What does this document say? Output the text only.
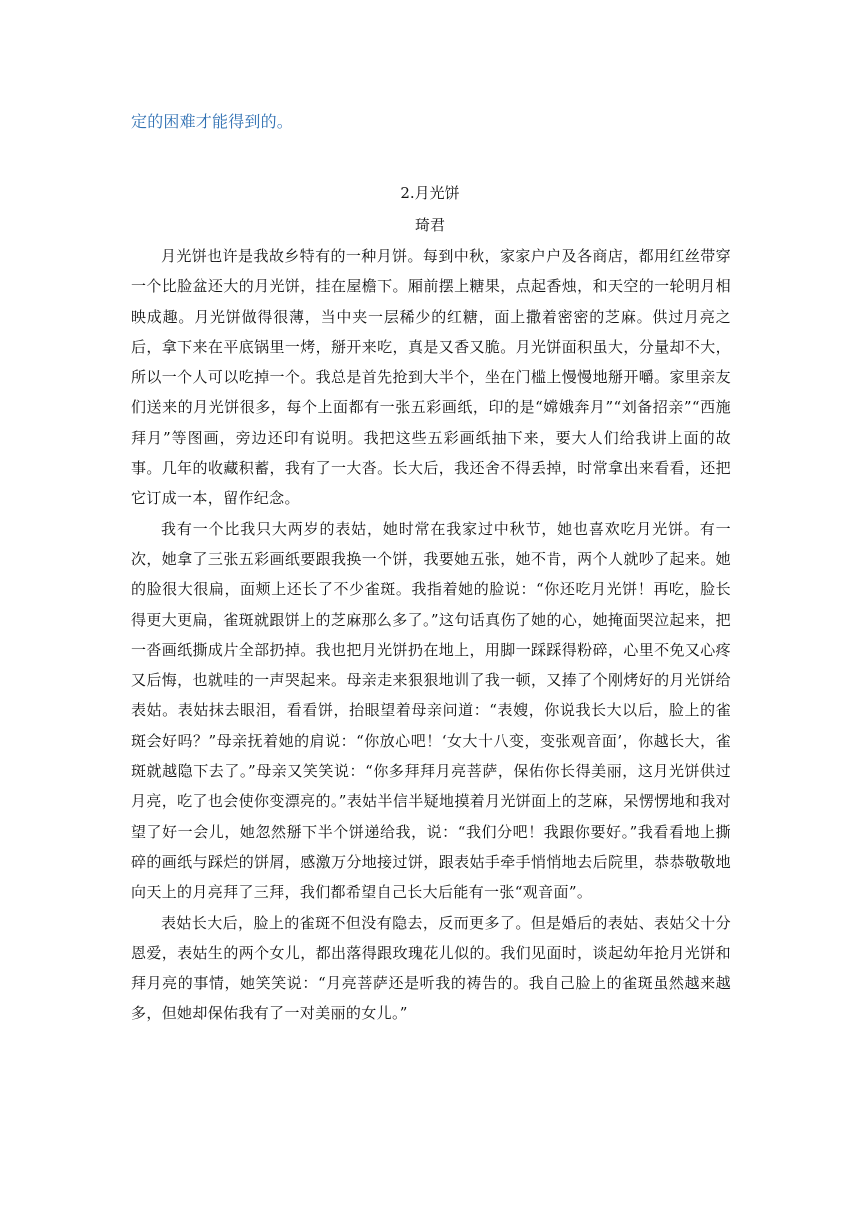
定的困难才能得到的。
2.月光饼
琦君

月光饼也许是我故乡特有的一种月饼。每到中秋，家家户户及各商店，都用红丝带穿一个比脸盆还大的月光饼，挂在屋檐下。厢前摆上糖果，点起香烛，和天空的一轮明月相映成趣。月光饼做得很薄，当中夹一层稀少的红糖，面上撒着密密的芝麻。供过月亮之后，拿下来在平底锅里一烤，掰开来吃，真是又香又脆。月光饼面积虽大，分量却不大，所以一个人可以吃掉一个。我总是首先抢到大半个，坐在门槛上慢慢地掰开嚼。家里亲友们送来的月光饼很多，每个上面都有一张五彩画纸，印的是“嫦娥奔月”“刘备招亲”“西施拜月”等图画，旁边还印有说明。我把这些五彩画纸抽下来，要大人们给我讲上面的故事。几年的收藏积蓄，我有了一大沓。长大后，我还舍不得丢掉，时常拿出来看看，还把它订成一本，留作纪念。

我有一个比我只大两岁的表姑，她时常在我家过中秋节，她也喜欢吃月光饼。有一次，她拿了三张五彩画纸要跟我换一个饼，我要她五张，她不肯，两个人就吵了起来。她的脸很大很扁，面颊上还长了不少雀斑。我指着她的脸说：“你还吃月光饼！再吃，脸长得更大更扁，雀斑就跟饼上的芝麻那么多了。”这句话真伤了她的心，她掩面哭泣起来，把一沓画纸撕成片全部扔掉。我也把月光饼扔在地上，用脚一踩踩得粉碎，心里不免又心疼又后悔，也就哇的一声哭起来。母亲走来狠狠地训了我一顿，又捧了个刚烤好的月光饼给表姑。表姑抹去眼泪，看看饼，抬眼望着母亲问道：“表嫂，你说我长大以后，脸上的雀斑会好吗？”母亲抚着她的肩说：“你放心吧！‘女大十八变，变张观音面’，你越长大，雀斑就越隐下去了。”母亲又笑笑说：“你多拜拜月亮菩萨，保佑你长得美丽，这月光饼供过月亮，吃了也会使你变漂亮的。”表姑半信半疑地摸着月光饼面上的芝麻，呆愣愣地和我对望了好一会儿，她忽然掰下半个饼递给我，说：“我们分吧！我跟你要好。”我看看地上撕碎的画纸与踩烂的饼屑，感激万分地接过饼，跟表姑手牵手悄悄地去后院里，恭恭敬敬地向天上的月亮拜了三拜，我们都希望自己长大后能有一张“观音面”。

表姑长大后，脸上的雀斑不但没有隐去，反而更多了。但是婚后的表姑、表姑父十分恩爱，表姑生的两个女儿，都出落得跟玫瑰花儿似的。我们见面时，谈起幼年抢月光饼和拜月亮的事情，她笑笑说：“月亮菩萨还是听我的祷告的。我自己脸上的雀斑虽然越来越多，但她却保佑我有了一对美丽的女儿。”
